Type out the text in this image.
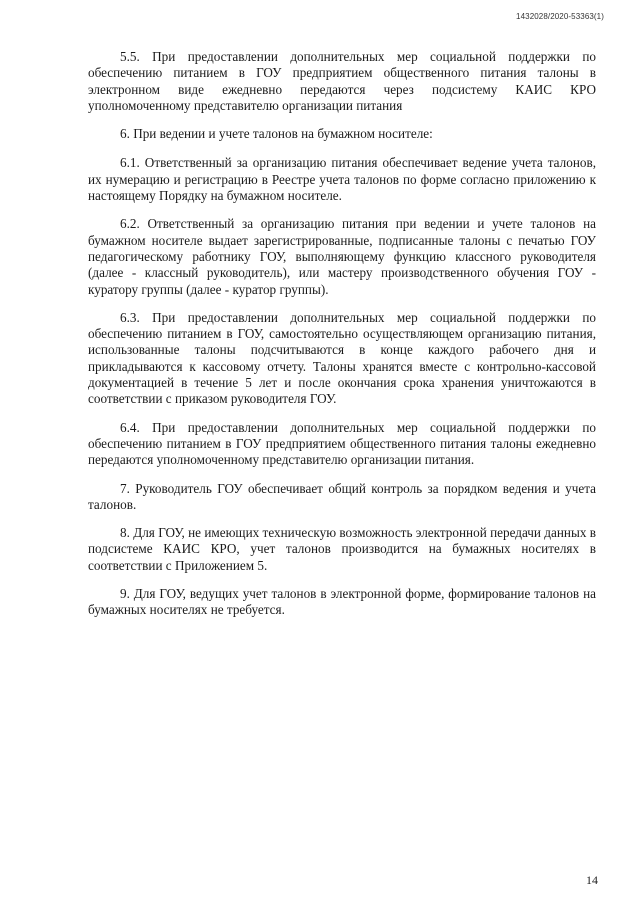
1432028/2020-53363(1)

5.5. При предоставлении дополнительных мер социальной поддержки по обеспечению питанием в ГОУ предприятием общественного питания талоны в электронном виде ежедневно передаются через подсистему КАИС КРО уполномоченному представителю организации питания

6. При ведении и учете талонов на бумажном носителе:

6.1. Ответственный за организацию питания обеспечивает ведение учета талонов, их нумерацию и регистрацию в Реестре учета талонов по форме согласно приложению к настоящему Порядку на бумажном носителе.

6.2. Ответственный за организацию питания при ведении и учете талонов на бумажном носителе выдает зарегистрированные, подписанные талоны с печатью ГОУ педагогическому работнику ГОУ, выполняющему функцию классного руководителя (далее - классный руководитель), или мастеру производственного обучения ГОУ - куратору группы (далее - куратор группы).

6.3. При предоставлении дополнительных мер социальной поддержки по обеспечению питанием в ГОУ, самостоятельно осуществляющем организацию питания, использованные талоны подсчитываются в конце каждого рабочего дня и прикладываются к кассовому отчету. Талоны хранятся вместе с контрольно-кассовой документацией в течение 5 лет и после окончания срока хранения уничтожаются в соответствии с приказом руководителя ГОУ.

6.4. При предоставлении дополнительных мер социальной поддержки по обеспечению питанием в ГОУ предприятием общественного питания талоны ежедневно передаются уполномоченному представителю организации питания.

7. Руководитель ГОУ обеспечивает общий контроль за порядком ведения и учета талонов.

8. Для ГОУ, не имеющих техническую возможность электронной передачи данных в подсистеме КАИС КРО, учет талонов производится на бумажных носителях в соответствии с Приложением 5.

9. Для ГОУ, ведущих учет талонов в электронной форме, формирование талонов на бумажных носителях не требуется.

14
